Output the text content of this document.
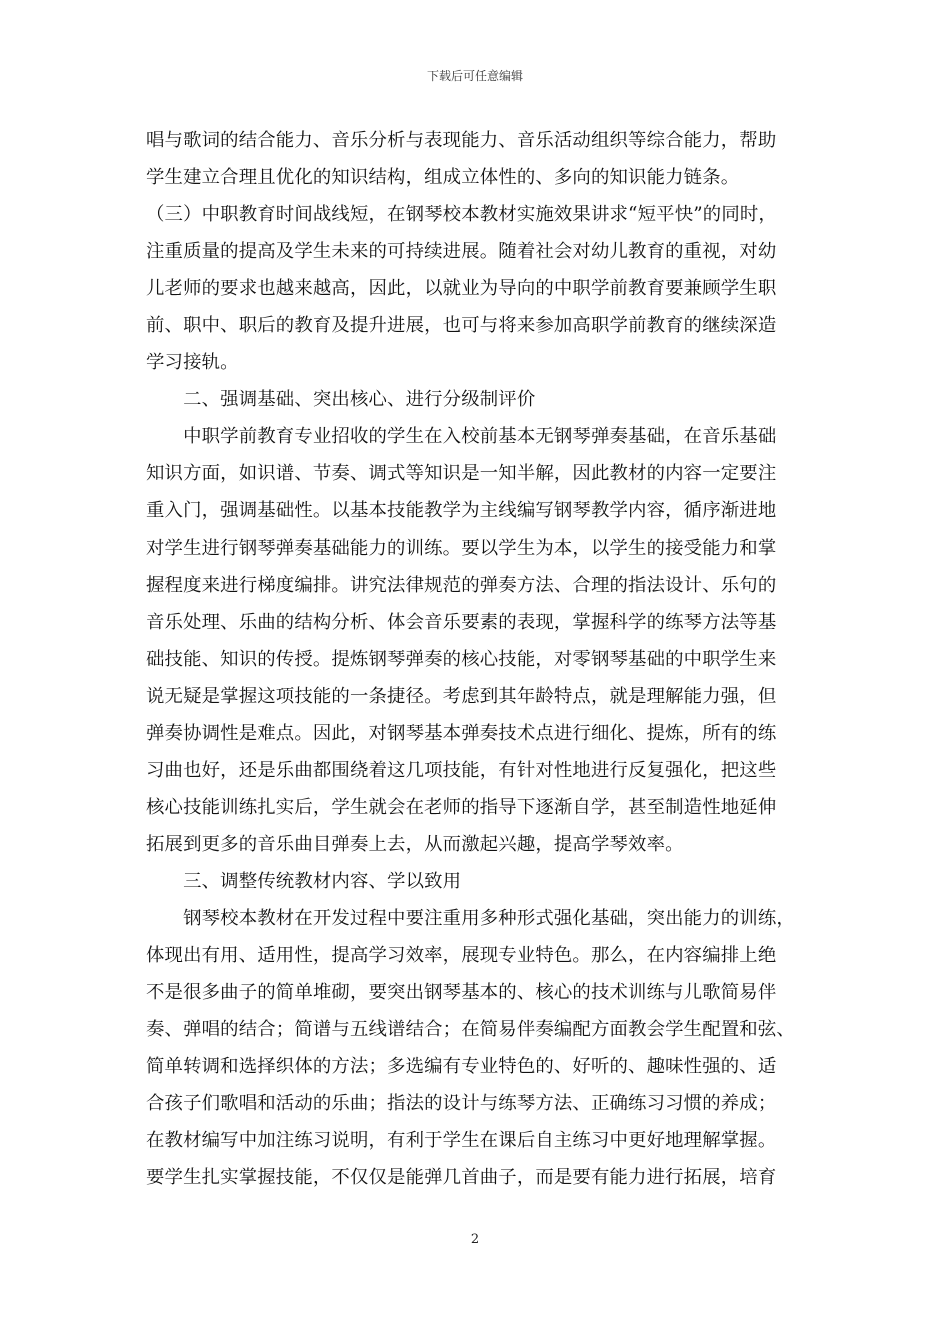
下载后可任意编辑
唱与歌词的结合能力、音乐分析与表现能力、音乐活动组织等综合能力，帮助
学生建立合理且优化的知识结构，组成立体性的、多向的知识能力链条。
（三）中职教育时间战线短，在钢琴校本教材实施效果讲求“短平快”的同时，
注重质量的提高及学生未来的可持续进展。随着社会对幼儿教育的重视，对幼
儿老师的要求也越来越高，因此，以就业为导向的中职学前教育要兼顾学生职
前、职中、职后的教育及提升进展，也可与将来参加高职学前教育的继续深造
学习接轨。
　　二、强调基础、突出核心、进行分级制评价
　　中职学前教育专业招收的学生在入校前基本无钢琴弹奏基础，在音乐基础
知识方面，如识谱、节奏、调式等知识是一知半解，因此教材的内容一定要注
重入门，强调基础性。以基本技能教学为主线编写钢琴教学内容，循序渐进地
对学生进行钢琴弹奏基础能力的训练。要以学生为本，以学生的接受能力和掌
握程度来进行梯度编排。讲究法律规范的弹奏方法、合理的指法设计、乐句的
音乐处理、乐曲的结构分析、体会音乐要素的表现，掌握科学的练琴方法等基
础技能、知识的传授。提炼钢琴弹奏的核心技能，对零钢琴基础的中职学生来
说无疑是掌握这项技能的一条捷径。考虑到其年龄特点，就是理解能力强，但
弹奏协调性是难点。因此，对钢琴基本弹奏技术点进行细化、提炼，所有的练
习曲也好，还是乐曲都围绕着这几项技能，有针对性地进行反复强化，把这些
核心技能训练扎实后，学生就会在老师的指导下逐渐自学，甚至制造性地延伸
拓展到更多的音乐曲目弹奏上去，从而激起兴趣，提高学琴效率。
　　三、调整传统教材内容、学以致用
　　钢琴校本教材在开发过程中要注重用多种形式强化基础，突出能力的训练，
体现出有用、适用性，提高学习效率，展现专业特色。那么，在内容编排上绝
不是很多曲子的简单堆砌，要突出钢琴基本的、核心的技术训练与儿歌简易伴
奏、弹唱的结合；简谱与五线谱结合；在简易伴奏编配方面教会学生配置和弦、
简单转调和选择织体的方法；多选编有专业特色的、好听的、趣味性强的、适
合孩子们歌唱和活动的乐曲；指法的设计与练琴方法、正确练习习惯的养成；
在教材编写中加注练习说明，有利于学生在课后自主练习中更好地理解掌握。
要学生扎实掌握技能，不仅仅是能弹几首曲子，而是要有能力进行拓展，培育
2
